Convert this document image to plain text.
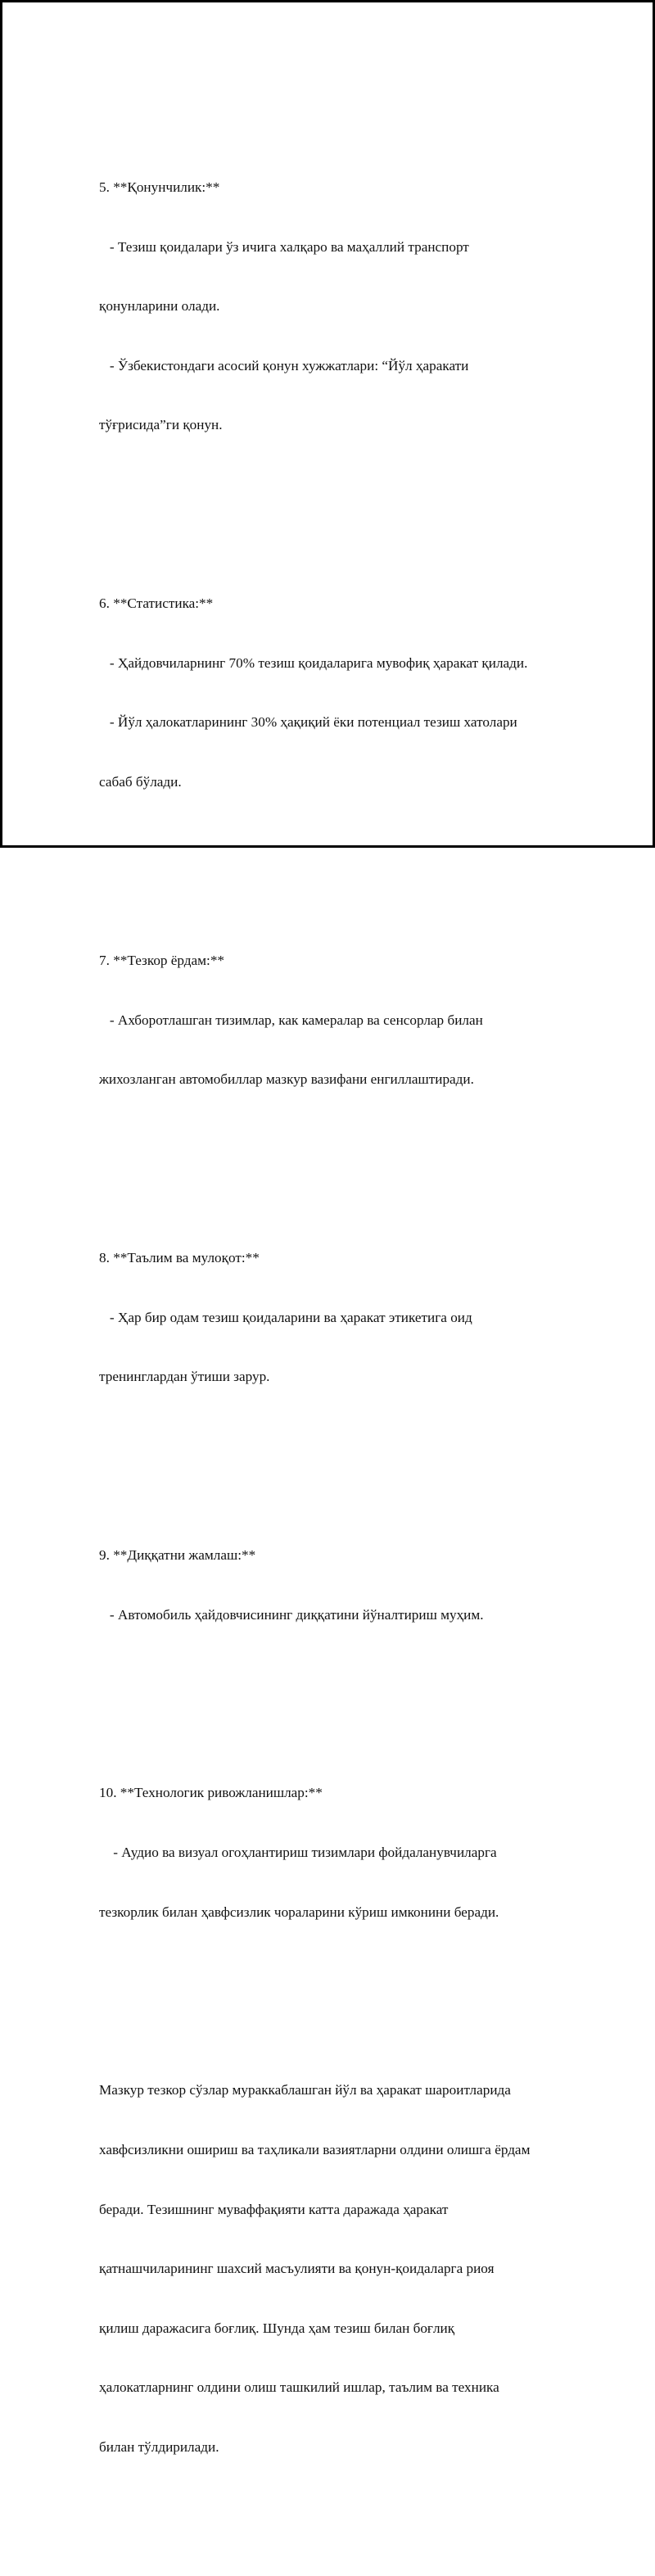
5. **Қонунчилик:**

- Тезиш қоидалари ўз ичига халқаро ва маҳаллий транспорт

қонунларини олади.

- Ўзбекистондаги асосий қонун хужжатлари: “Йўл ҳаракати

тўғрисида”ги қонун.

6. **Статистика:**

- Ҳайдовчиларнинг 70% тезиш қоидаларига мувофиқ ҳаракат қилади.

- Йўл ҳалокатларининг 30% ҳақиқий ёки потенциал тезиш хатолари

сабаб бўлади.

7. **Тезкор ёрдам:**

- Ахборотлашган тизимлар, как камералар ва сенсорлар билан

жихозланган автомобиллар мазкур вазифани енгиллаштиради.

8. **Таълим ва мулоқот:**

- Ҳар бир одам тезиш қоидаларини ва ҳаракат этикетига оид

тренинглардан ўтиши зарур.

9. **Диққатни жамлаш:**

- Автомобиль ҳайдовчисининг диққатини йўналтириш муҳим.

10. **Технологик ривожланишлар:**

- Аудио ва визуал огоҳлантириш тизимлари фойдаланувчиларга

тезкорлик билан ҳавфсизлик чораларини кўриш имконини беради.

Мазкур тезкор сўзлар мураккаблашган йўл ва ҳаракат шароитларида

хавфсизликни ошириш ва таҳликали вазиятларни олдини олишга ёрдам

беради. Тезишнинг муваффақияти катта даражада ҳаракат

қатнашчиларининг шахсий масъулияти ва қонун-қоидаларга риоя

қилиш даражасига боғлиқ. Шунда ҳам тезиш билан боғлиқ

ҳалокатларнинг олдини олиш ташкилий ишлар, таълим ва техника

билан тўлдирилади.
